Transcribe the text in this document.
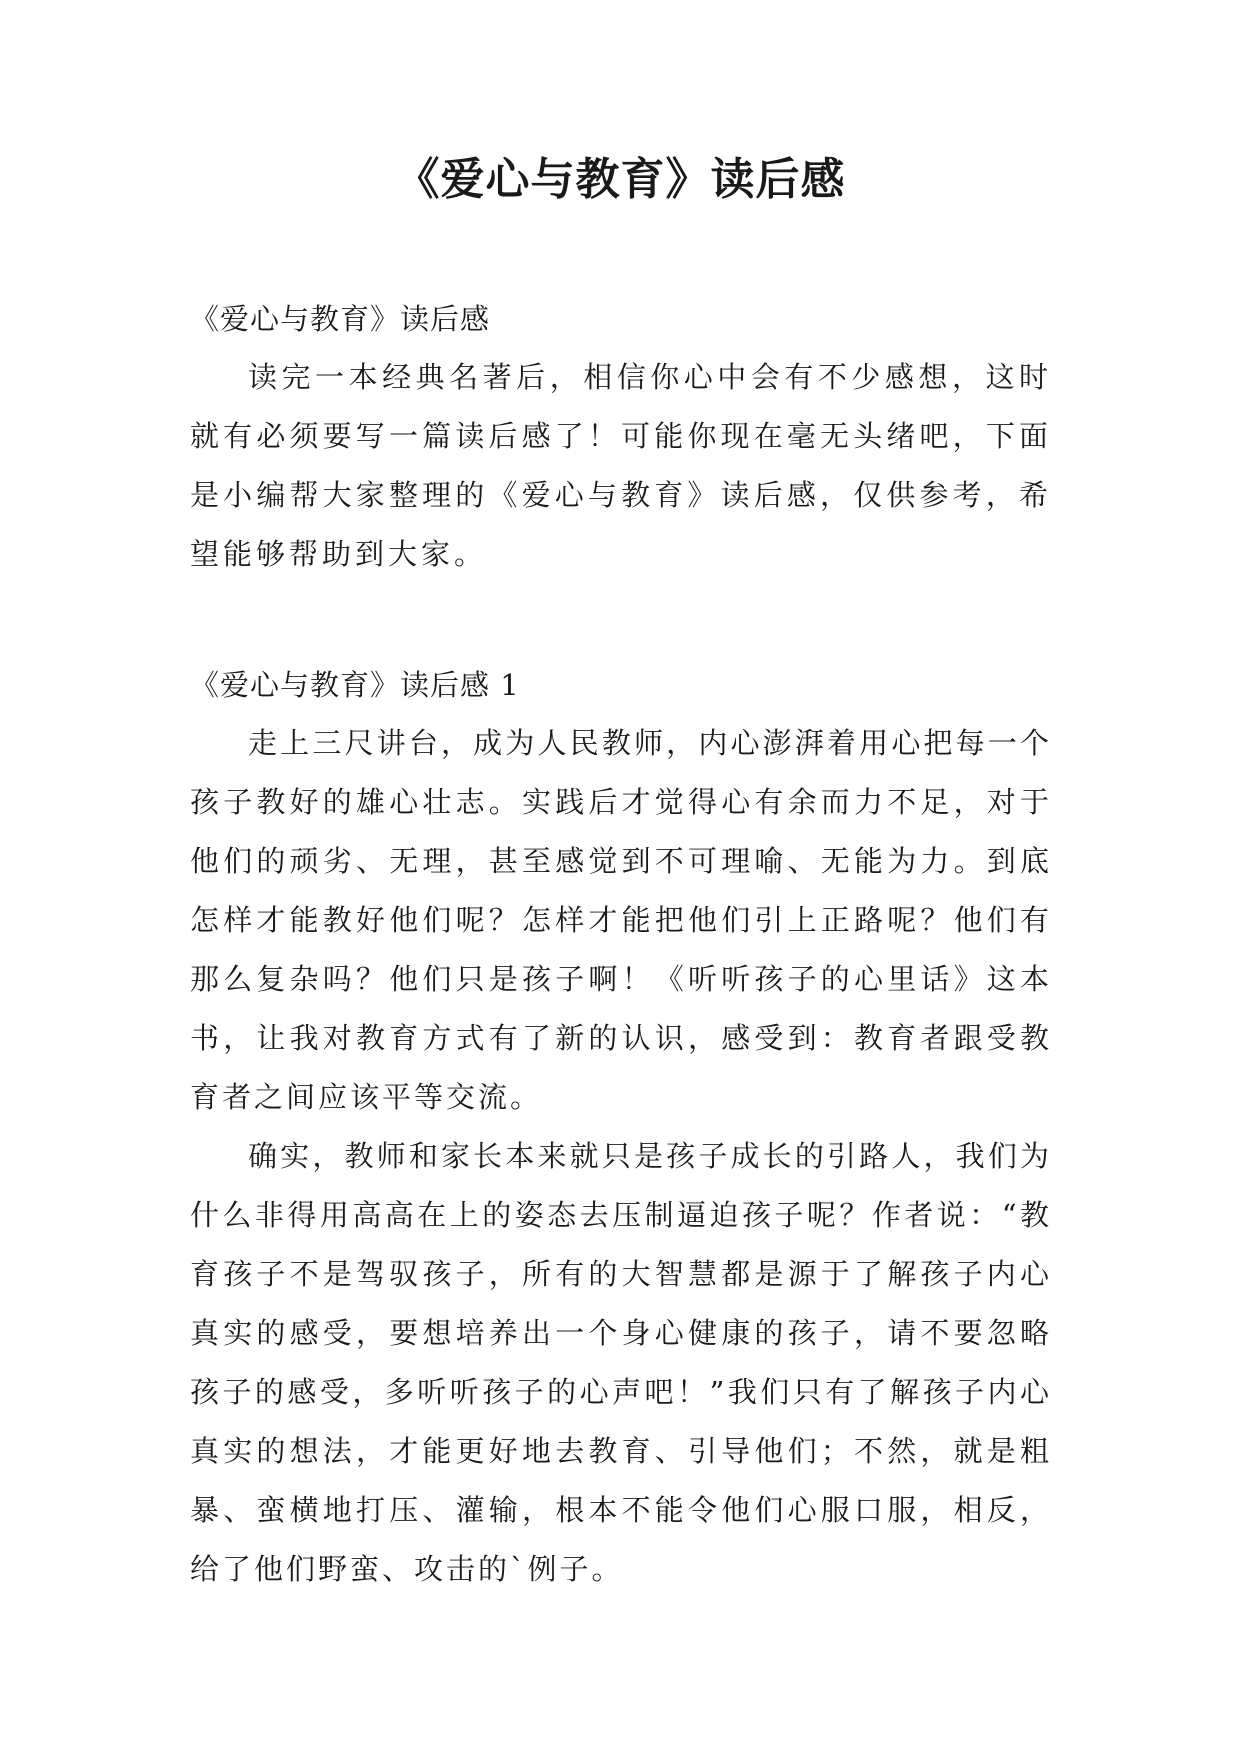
《爱心与教育》读后感

《爱心与教育》读后感

读完一本经典名著后，相信你心中会有不少感想，这时就有必须要写一篇读后感了！可能你现在毫无头绪吧，下面是小编帮大家整理的《爱心与教育》读后感，仅供参考，希望能够帮助到大家。

《爱心与教育》读后感 1

走上三尺讲台，成为人民教师，内心澎湃着用心把每一个孩子教好的雄心壮志。实践后才觉得心有余而力不足，对于他们的顽劣、无理，甚至感觉到不可理喻、无能为力。到底怎样才能教好他们呢？怎样才能把他们引上正路呢？他们有那么复杂吗？他们只是孩子啊！《听听孩子的心里话》这本书，让我对教育方式有了新的认识，感受到：教育者跟受教育者之间应该平等交流。

确实，教师和家长本来就只是孩子成长的引路人，我们为什么非得用高高在上的姿态去压制逼迫孩子呢？作者说：“教育孩子不是驾驭孩子，所有的大智慧都是源于了解孩子内心真实的感受，要想培养出一个身心健康的孩子，请不要忽略孩子的感受，多听听孩子的心声吧！”我们只有了解孩子内心真实的想法，才能更好地去教育、引导他们；不然，就是粗暴、蛮横地打压、灌输，根本不能令他们心服口服，相反，给了他们野蛮、攻击的`例子。
